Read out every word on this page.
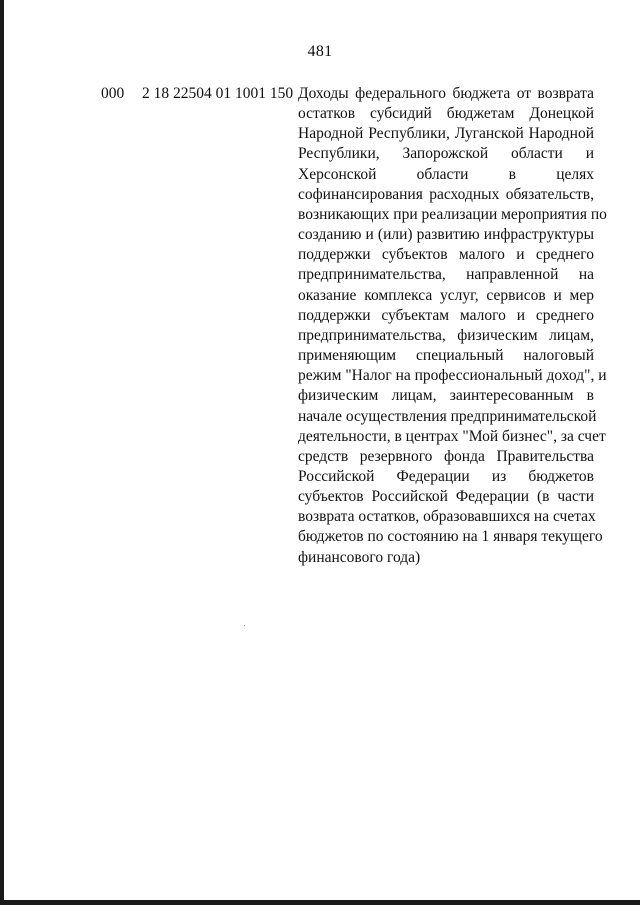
481
000 2 18 22504 01 1001 150 Доходы федерального бюджета от возврата
остатков субсидий бюджетам Донецкой
Народной Республики, Луганской Народной
Республики, Запорожской области и
Херсонской области в целях
софинансирования расходных обязательств,
возникающих при реализации мероприятия по
созданию и (или) развитию инфраструктуры
поддержки субъектов малого и среднего
предпринимательства, направленной на
оказание комплекса услуг, сервисов и мер
поддержки субъектам малого и среднего
предпринимательства, физическим лицам,
применяющим специальный налоговый
режим "Налог на профессиональный доход", и
физическим лицам, заинтересованным в
начале осуществления предпринимательской
деятельности, в центрах "Мой бизнес", за счет
средств резервного фонда Правительства
Российской Федерации из бюджетов
субъектов Российской Федерации (в части
возврата остатков, образовавшихся на счетах
бюджетов по состоянию на 1 января текущего
финансового года)
